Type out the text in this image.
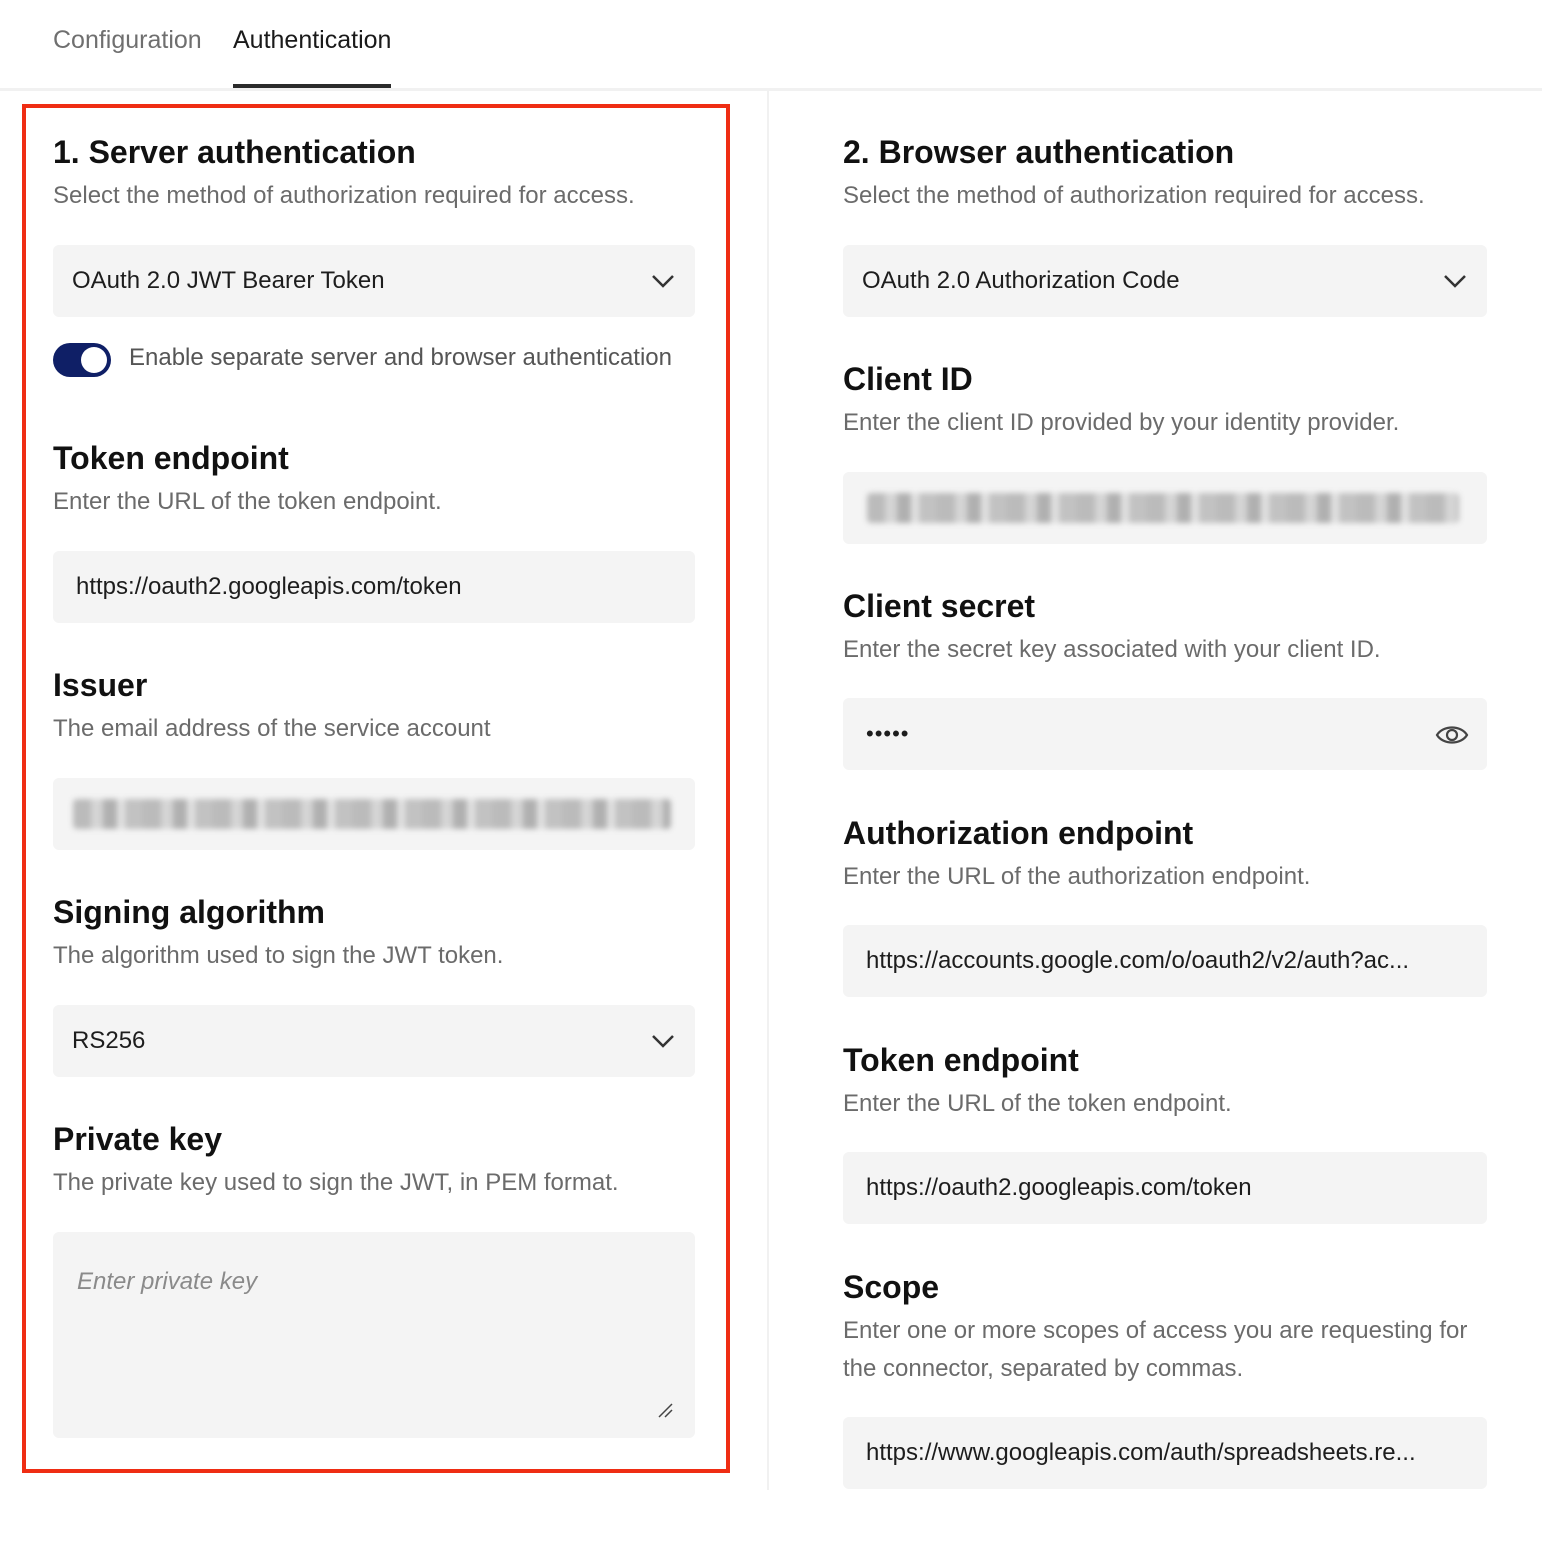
Configuration Authentication
1. Server authentication
Select the method of authorization required for access.
OAuth 2.0 JWT Bearer Token
Enable separate server and browser authentication
Token endpoint
Enter the URL of the token endpoint.
https://oauth2.googleapis.com/token
Issuer
The email address of the service account
Signing algorithm
The algorithm used to sign the JWT token.
RS256
Private key
The private key used to sign the JWT, in PEM format.
Enter private key
2. Browser authentication
Select the method of authorization required for access.
OAuth 2.0 Authorization Code
Client ID
Enter the client ID provided by your identity provider.
Client secret
Enter the secret key associated with your client ID.
•••••
Authorization endpoint
Enter the URL of the authorization endpoint.
https://accounts.google.com/o/oauth2/v2/auth?ac...
Token endpoint
Enter the URL of the token endpoint.
https://oauth2.googleapis.com/token
Scope
Enter one or more scopes of access you are requesting for the connector, separated by commas.
https://www.googleapis.com/auth/spreadsheets.re...
